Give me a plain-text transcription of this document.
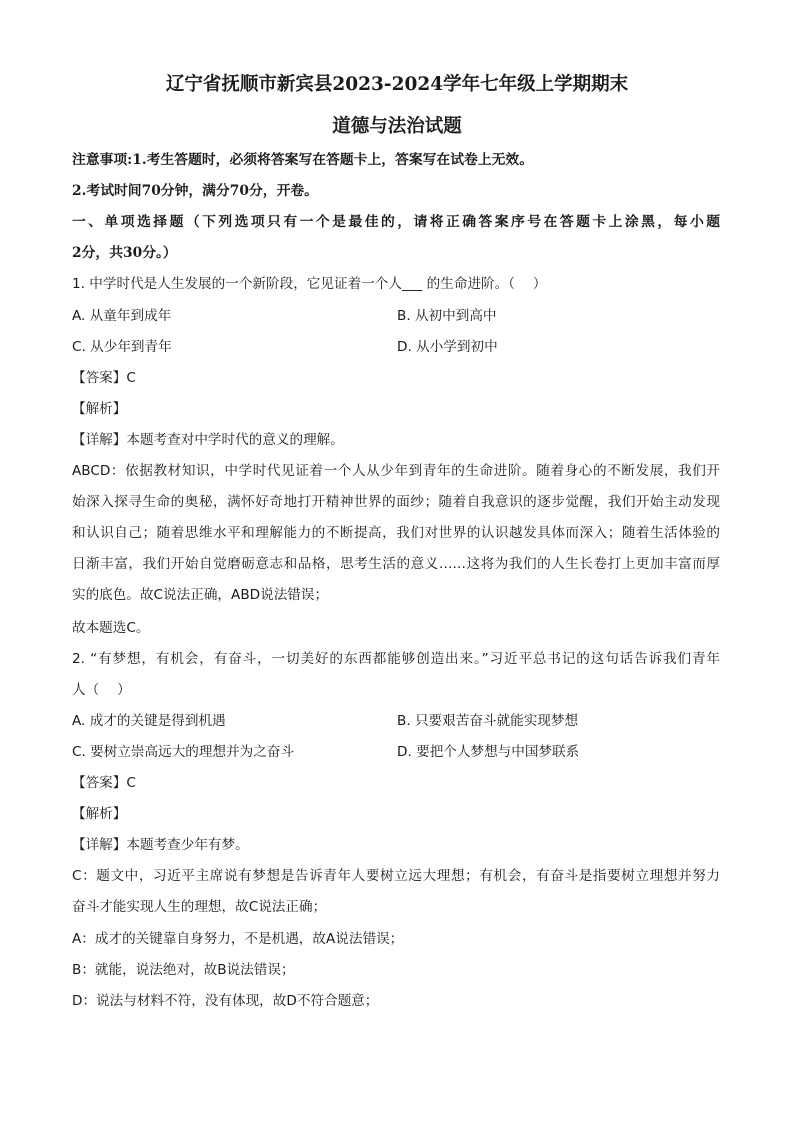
辽宁省抚顺市新宾县2023-2024学年七年级上学期期末
道德与法治试题
注意事项:1.考生答题时，必须将答案写在答题卡上，答案写在试卷上无效。
2.考试时间70分钟，满分70分，开卷。
一、单项选择题（下列选项只有一个是最佳的，请将正确答案序号在答题卡上涂黑，每小题
2分，共30分。）
1. 中学时代是人生发展的一个新阶段，它见证着一个人___ 的生命进阶。（　 ）
A. 从童年到成年	B. 从初中到高中
C. 从少年到青年	D. 从小学到初中
【答案】C
【解析】
【详解】本题考查对中学时代的意义的理解。
ABCD：依据教材知识，中学时代见证着一个人从少年到青年的生命进阶。随着身心的不断发展，我们开
始深入探寻生命的奥秘，满怀好奇地打开精神世界的面纱；随着自我意识的逐步觉醒，我们开始主动发现
和认识自己；随着思维水平和理解能力的不断提高，我们对世界的认识越发具体而深入；随着生活体验的
日渐丰富，我们开始自觉磨砺意志和品格，思考生活的意义……这将为我们的人生长卷打上更加丰富而厚
实的底色。故C说法正确，ABD说法错误；
故本题选C。
2. “有梦想，有机会，有奋斗，一切美好的东西都能够创造出来。”习近平总书记的这句话告诉我们青年
人（　 ）
A. 成才的关键是得到机遇	B. 只要艰苦奋斗就能实现梦想
C. 要树立崇高远大的理想并为之奋斗	D. 要把个人梦想与中国梦联系
【答案】C
【解析】
【详解】本题考查少年有梦。
C：题文中，习近平主席说有梦想是告诉青年人要树立远大理想；有机会，有奋斗是指要树立理想并努力
奋斗才能实现人生的理想，故C说法正确；
A：成才的关键靠自身努力，不是机遇，故A说法错误；
B：就能，说法绝对，故B说法错误；
D：说法与材料不符，没有体现，故D不符合题意；
